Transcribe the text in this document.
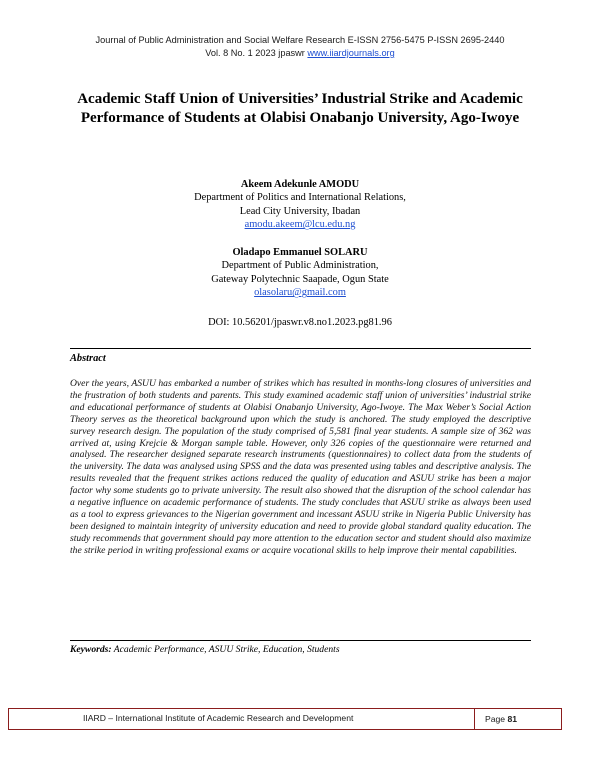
Journal of Public Administration and Social Welfare Research E-ISSN 2756-5475 P-ISSN 2695-2440
Vol. 8 No. 1 2023 jpaswr www.iiardjournals.org
Academic Staff Union of Universities’ Industrial Strike and Academic Performance of Students at Olabisi Onabanjo University, Ago-Iwoye
Akeem Adekunle AMODU
Department of Politics and International Relations,
Lead City University, Ibadan
amodu.akeem@lcu.edu.ng
Oladapo Emmanuel SOLARU
Department of Public Administration,
Gateway Polytechnic Saapade, Ogun State
olasolaru@gmail.com
DOI: 10.56201/jpaswr.v8.no1.2023.pg81.96
Abstract
Over the years, ASUU has embarked a number of strikes which has resulted in months-long closures of universities and the frustration of both students and parents. This study examined academic staff union of universities’ industrial strike and educational performance of students at Olabisi Onabanjo University, Ago-Iwoye. The Max Weber’s Social Action Theory serves as the theoretical background upon which the study is anchored. The study employed the descriptive survey research design. The population of the study comprised of 5,581 final year students. A sample size of 362 was arrived at, using Krejcie & Morgan sample table. However, only 326 copies of the questionnaire were returned and analysed. The researcher designed separate research instruments (questionnaires) to collect data from the students of the university. The data was analysed using SPSS and the data was presented using tables and descriptive analysis. The results revealed that the frequent strikes actions reduced the quality of education and ASUU strike has been a major factor why some students go to private university. The result also showed that the disruption of the school calendar has a negative influence on academic performance of students. The study concludes that ASUU strike as always been used as a tool to express grievances to the Nigerian government and incessant ASUU strike in Nigeria Public University has been designed to maintain integrity of university education and need to provide global standard quality education. The study recommends that government should pay more attention to the education sector and student should also maximize the strike period in writing professional exams or acquire vocational skills to help improve their mental capabilities.
Keywords: Academic Performance, ASUU Strike, Education, Students
IIARD – International Institute of Academic Research and Development	Page 81
